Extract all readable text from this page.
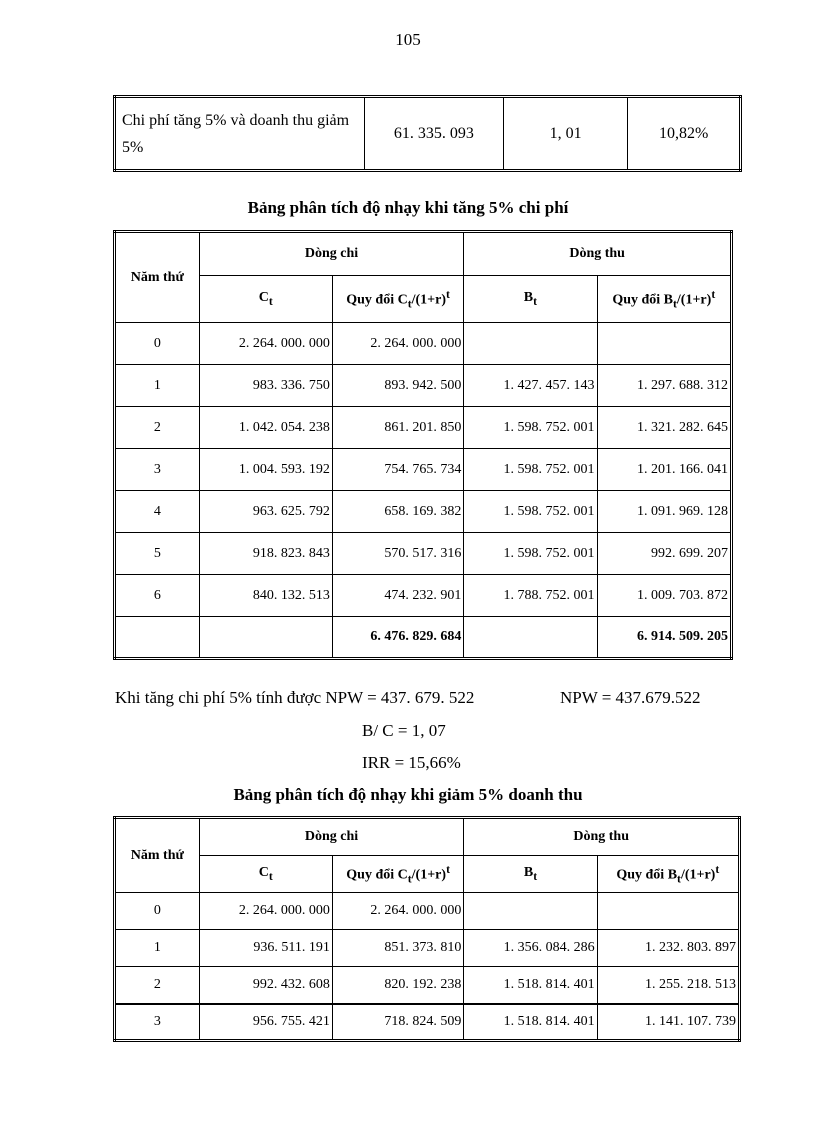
105
Chi phí tăng 5% và doanh thu giảm 5%	61. 335. 093	1, 01	10,82%
Bảng phân tích độ nhạy khi tăng 5% chi phí
Năm thứ	Dòng chi		Dòng thu	
	$C_t$	Quy đổi $C_t/(1+r)^t$	$B_t$	Quy đổi $B_t/(1+r)^t$
0	2. 264. 000. 000	2. 264. 000. 000		
1	983. 336. 750	893. 942. 500	1. 427. 457. 143	1. 297. 688. 312
2	1. 042. 054. 238	861. 201. 850	1. 598. 752. 001	1. 321. 282. 645
3	1. 004. 593. 192	754. 765. 734	1. 598. 752. 001	1. 201. 166. 041
4	963. 625. 792	658. 169. 382	1. 598. 752. 001	1. 091. 969. 128
5	918. 823. 843	570. 517. 316	1. 598. 752. 001	992. 699. 207
6	840. 132. 513	474. 232. 901	1. 788. 752. 001	1. 009. 703. 872
		6. 476. 829. 684		6. 914. 509. 205
Khi tăng chi phí 5% tính được NPW = 437. 679. 522	NPW = 437.679.522
B/ C = 1, 07
IRR = 15,66%
Bảng phân tích độ nhạy khi giảm 5% doanh thu
Năm thứ	Dòng chi		Dòng thu	
	$C_t$	Quy đổi $C_t/(1+r)^t$	$B_t$	Quy đổi $B_t/(1+r)^t$
0	2. 264. 000. 000	2. 264. 000. 000		
1	936. 511. 191	851. 373. 810	1. 356. 084. 286	1. 232. 803. 897
2	992. 432. 608	820. 192. 238	1. 518. 814. 401	1. 255. 218. 513
3	956. 755. 421	718. 824. 509	1. 518. 814. 401	1. 141. 107. 739
